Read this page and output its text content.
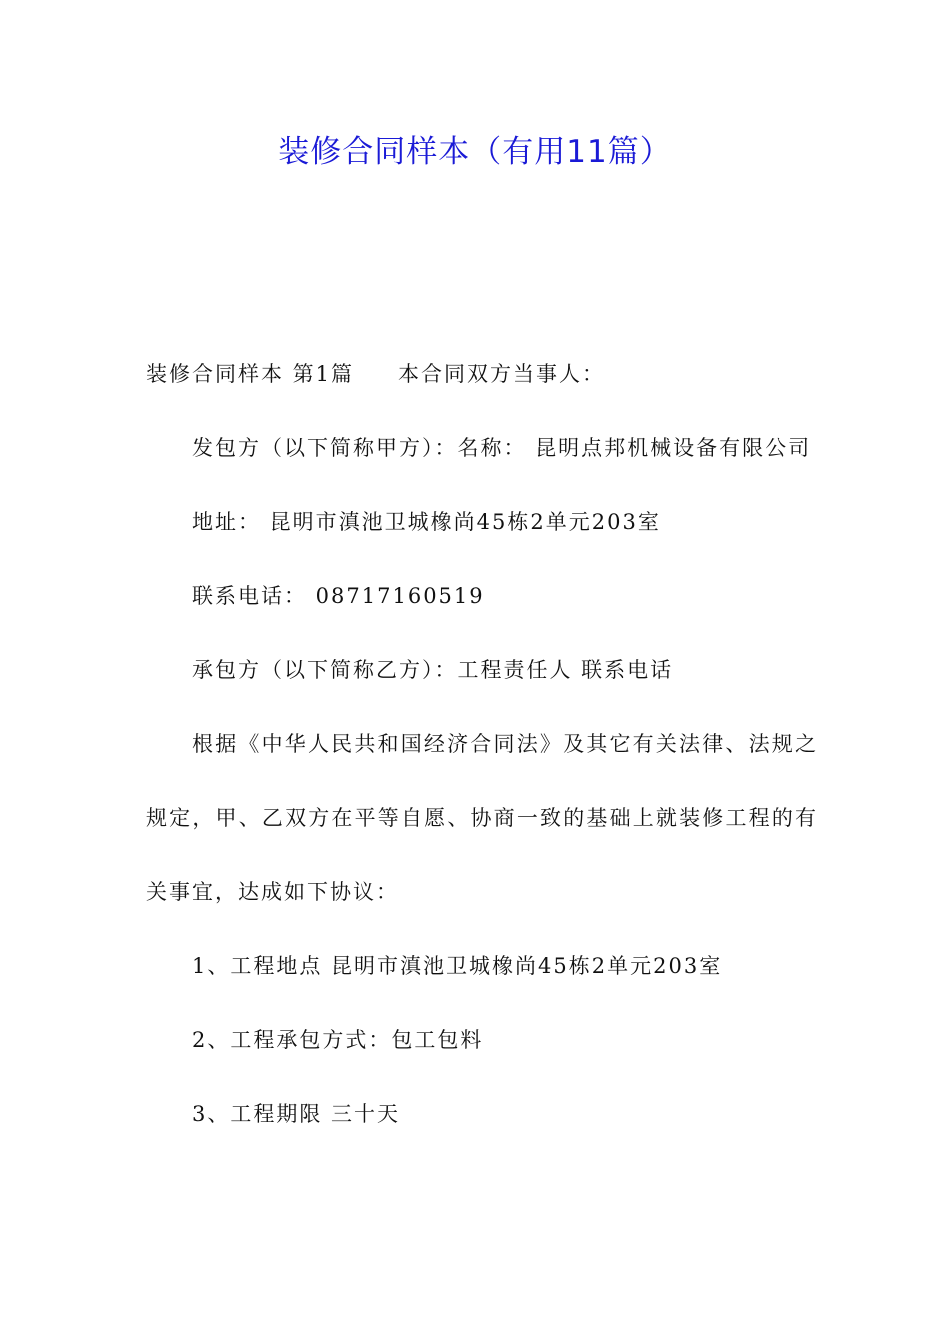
装修合同样本（有用11篇）

装修合同样本 第1篇 本合同双方当事人：

发包方（以下简称甲方）：名称： 昆明点邦机械设备有限公司

地址： 昆明市滇池卫城橡尚45栋2单元203室

联系电话： 08717160519

承包方（以下简称乙方）：工程责任人 联系电话

根据《中华人民共和国经济合同法》及其它有关法律、法规之规定，甲、乙双方在平等自愿、协商一致的基础上就装修工程的有关事宜，达成如下协议：

1、工程地点 昆明市滇池卫城橡尚45栋2单元203室

2、工程承包方式：包工包料

3、工程期限 三十天
